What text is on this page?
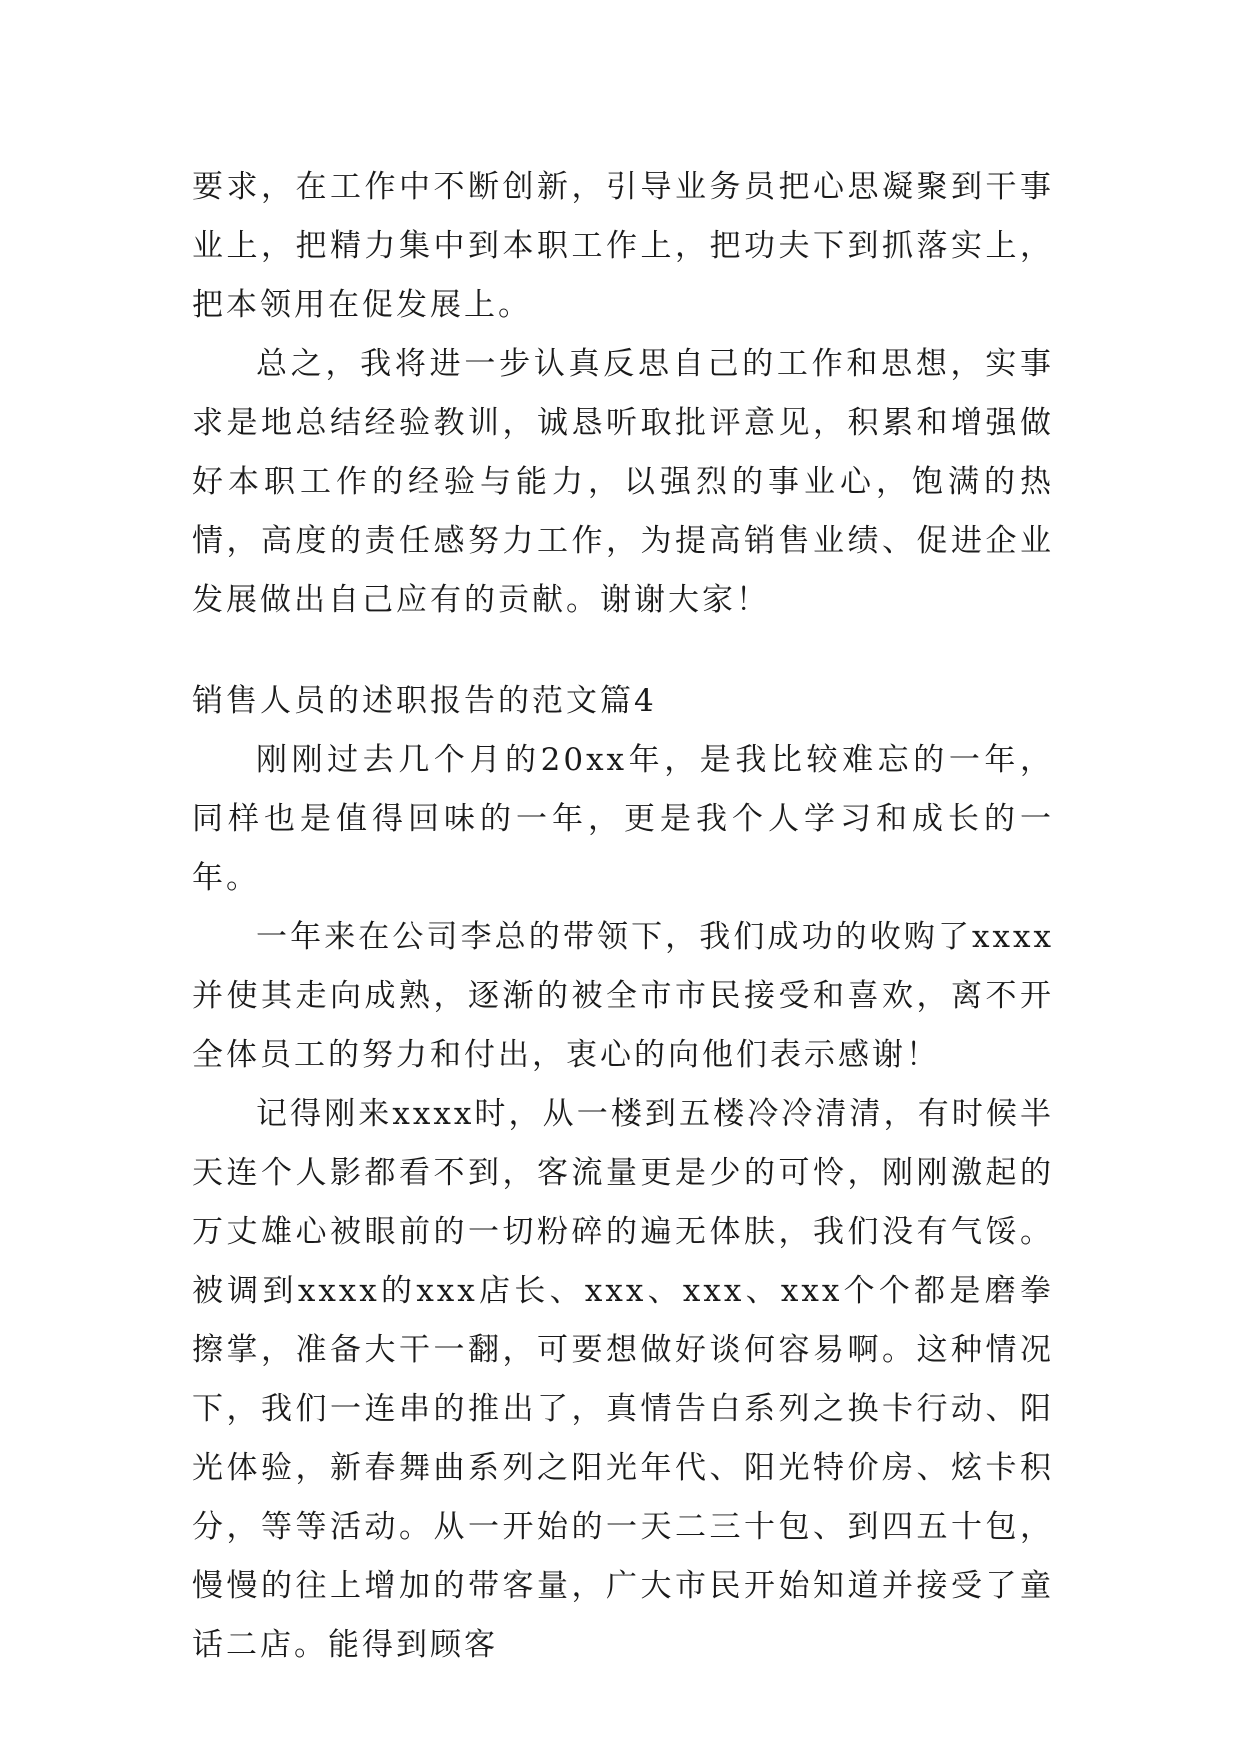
要求，在工作中不断创新，引导业务员把心思凝聚到干事业上，把精力集中到本职工作上，把功夫下到抓落实上，把本领用在促发展上。

总之，我将进一步认真反思自己的工作和思想，实事求是地总结经验教训，诚恳听取批评意见，积累和增强做好本职工作的经验与能力，以强烈的事业心，饱满的热情，高度的责任感努力工作，为提高销售业绩、促进企业发展做出自己应有的贡献。谢谢大家！

销售人员的述职报告的范文篇4

刚刚过去几个月的20xx年，是我比较难忘的一年，同样也是值得回味的一年，更是我个人学习和成长的一年。

一年来在公司李总的带领下，我们成功的收购了xxxx并使其走向成熟，逐渐的被全市市民接受和喜欢，离不开全体员工的努力和付出，衷心的向他们表示感谢！

记得刚来xxxx时，从一楼到五楼冷冷清清，有时候半天连个人影都看不到，客流量更是少的可怜，刚刚激起的万丈雄心被眼前的一切粉碎的遍无体肤，我们没有气馁。被调到xxxx的xxx店长、xxx、xxx、xxx个个都是磨拳擦掌，准备大干一翻，可要想做好谈何容易啊。这种情况下，我们一连串的推出了，真情告白系列之换卡行动、阳光体验，新春舞曲系列之阳光年代、阳光特价房、炫卡积分，等等活动。从一开始的一天二三十包、到四五十包，慢慢的往上增加的带客量，广大市民开始知道并接受了童话二店。能得到顾客
